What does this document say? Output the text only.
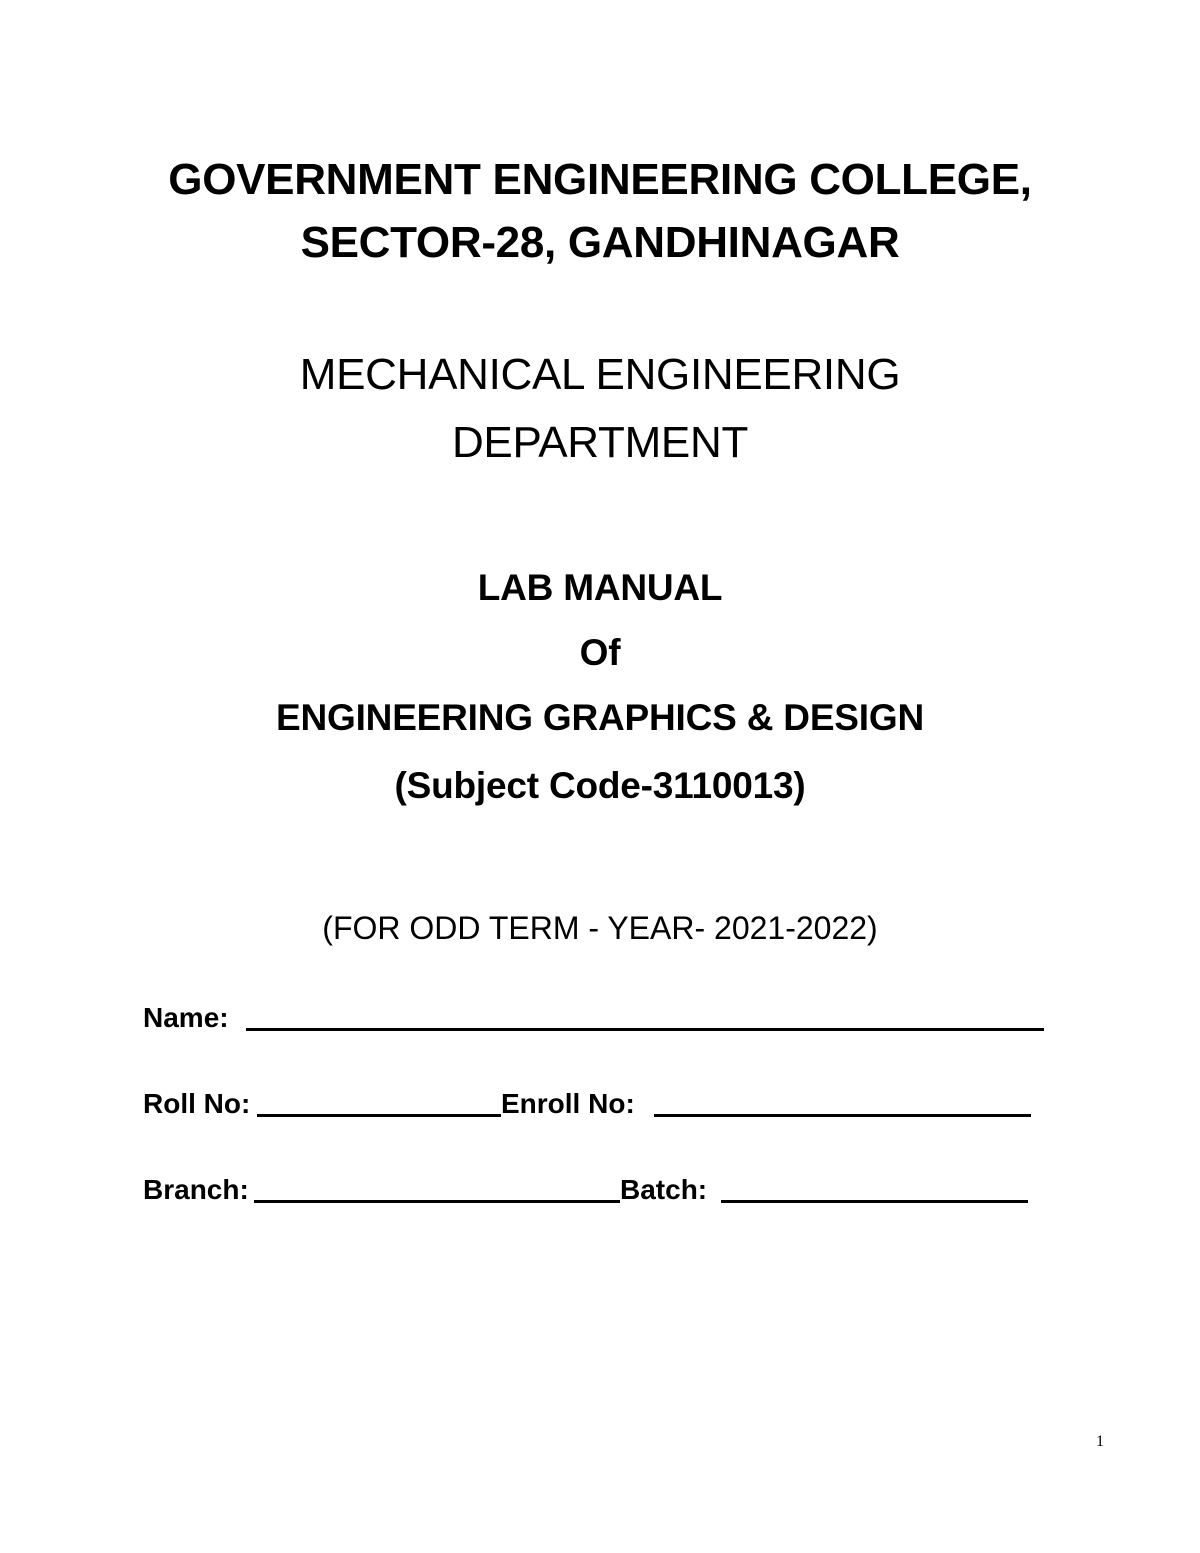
GOVERNMENT ENGINEERING COLLEGE,
SECTOR-28, GANDHINAGAR
MECHANICAL ENGINEERING
DEPARTMENT
LAB MANUAL
Of
ENGINEERING GRAPHICS & DESIGN
(Subject Code-3110013)
(FOR ODD TERM - YEAR- 2021-2022)
Name:
Roll No:	Enroll No:
Branch:	Batch:
1
